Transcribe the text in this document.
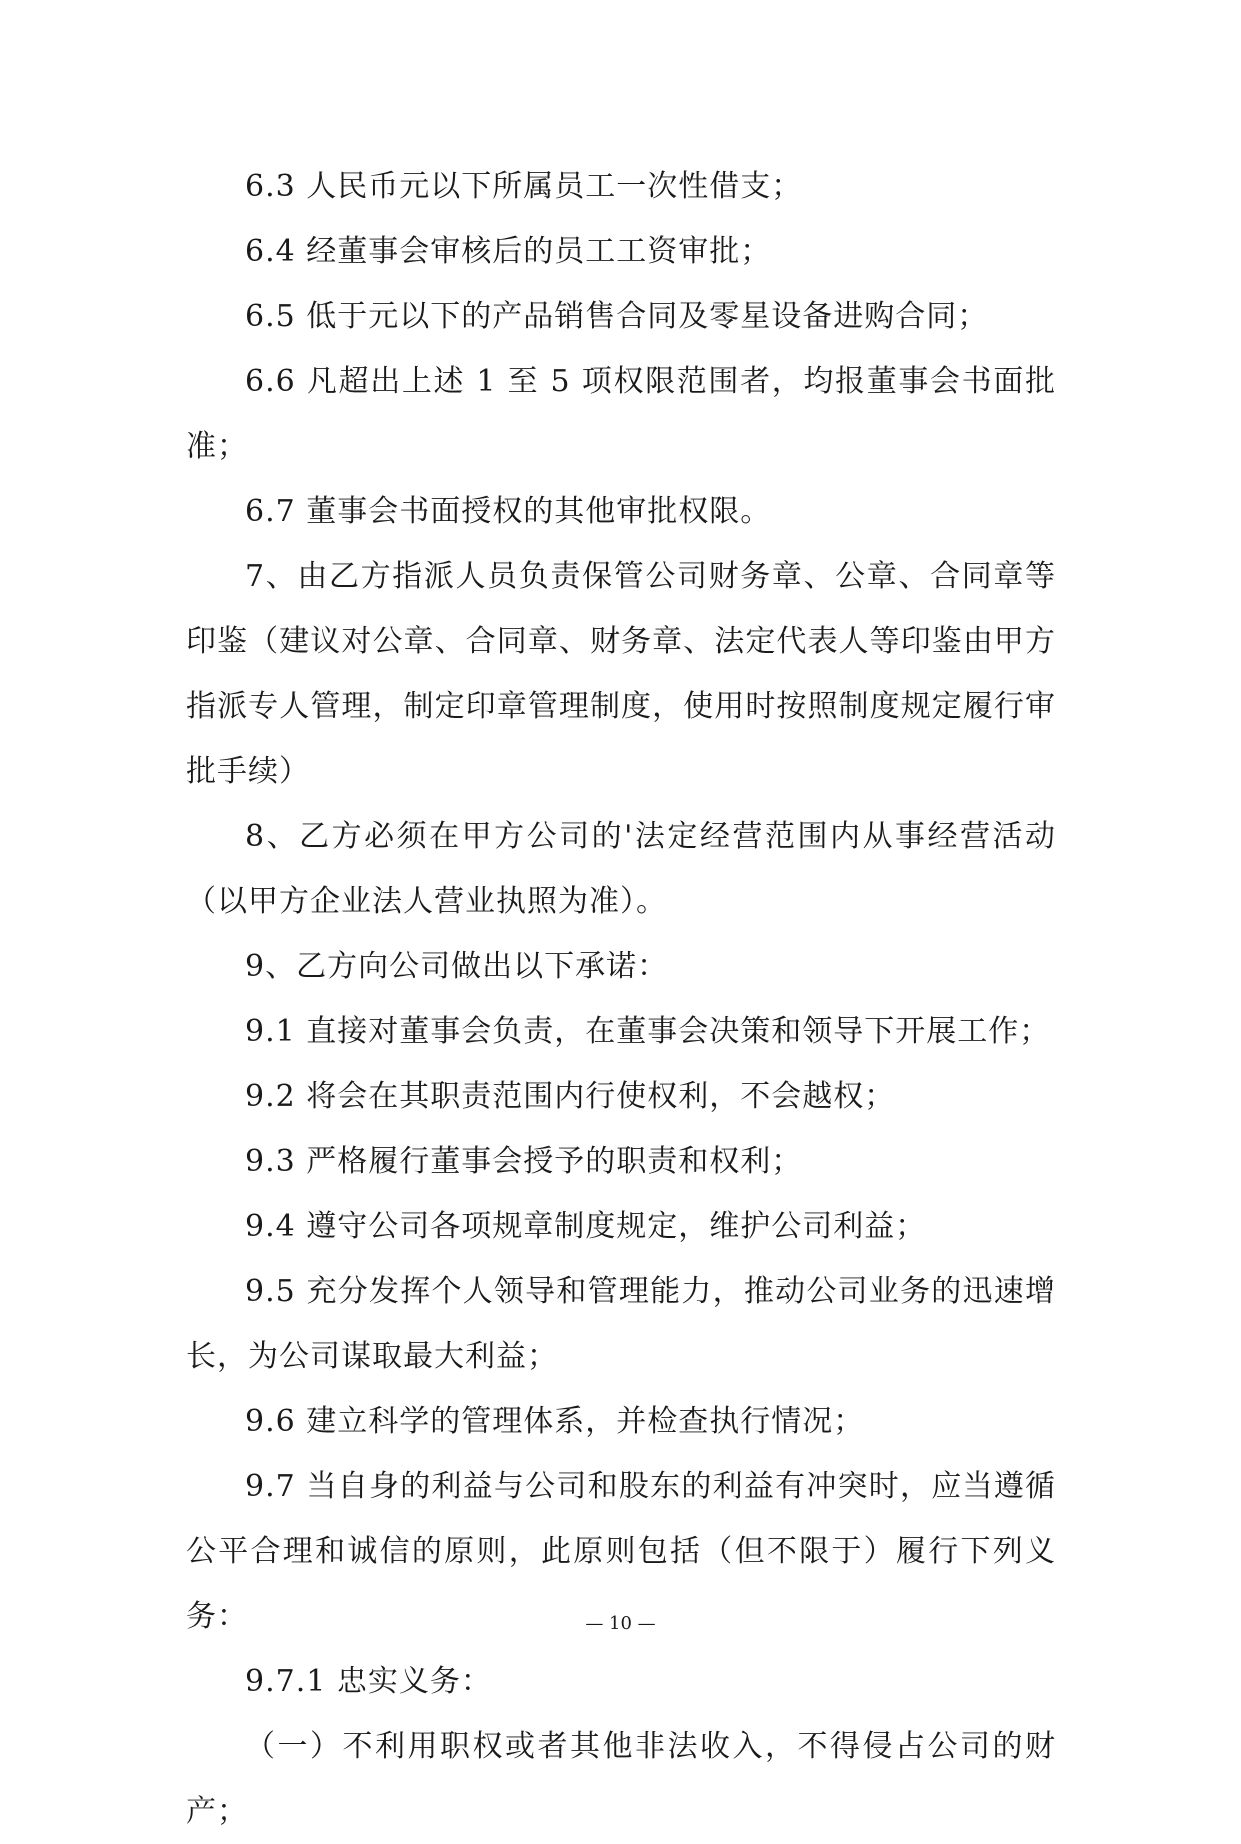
6.3 人民币元以下所属员工一次性借支；

6.4 经董事会审核后的员工工资审批；

6.5 低于元以下的产品销售合同及零星设备进购合同；

6.6 凡超出上述 1 至 5 项权限范围者，均报董事会书面批准；

6.7 董事会书面授权的其他审批权限。

7、由乙方指派人员负责保管公司财务章、公章、合同章等印鉴（建议对公章、合同章、财务章、法定代表人等印鉴由甲方指派专人管理，制定印章管理制度，使用时按照制度规定履行审批手续）

8、乙方必须在甲方公司的'法定经营范围内从事经营活动（以甲方企业法人营业执照为准）。

9、乙方向公司做出以下承诺：

9.1 直接对董事会负责，在董事会决策和领导下开展工作；

9.2 将会在其职责范围内行使权利，不会越权；

9.3 严格履行董事会授予的职责和权利；

9.4 遵守公司各项规章制度规定，维护公司利益；

9.5 充分发挥个人领导和管理能力，推动公司业务的迅速增长，为公司谋取最大利益；

9.6 建立科学的管理体系，并检查执行情况；

9.7 当自身的利益与公司和股东的利益有冲突时，应当遵循公平合理和诚信的原则，此原则包括（但不限于）履行下列义务：

9.7.1 忠实义务：

（一）不利用职权或者其他非法收入，不得侵占公司的财产；

— 10 —
